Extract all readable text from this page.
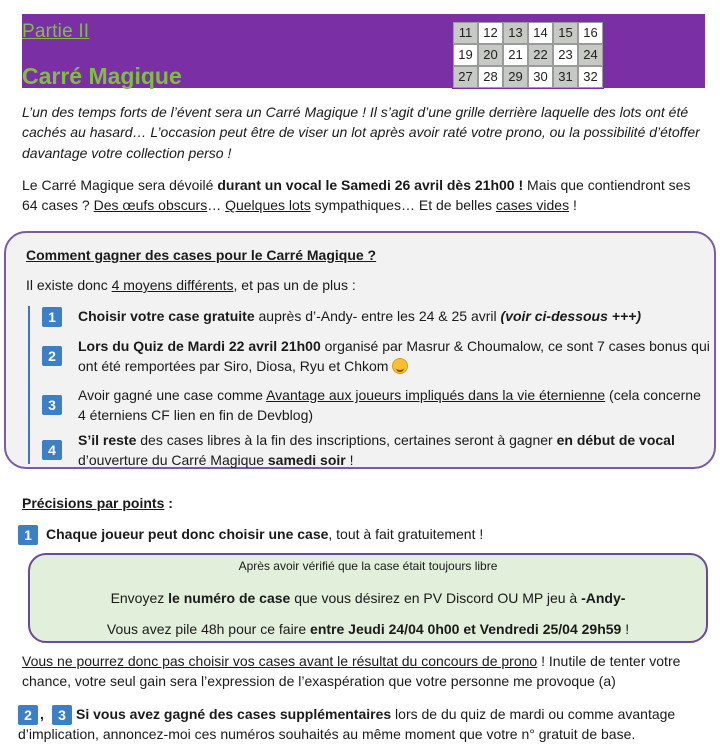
Partie II
Carré Magique
11 12 13 14 15 16
19 20 21 22 23 24
27 28 29 30 31 32
L’un des temps forts de l’évent sera un Carré Magique ! Il s’agit d’une grille derrière laquelle des lots ont été cachés au hasard… L’occasion peut être de viser un lot après avoir raté votre prono, ou la possibilité d’étoffer davantage votre collection perso !
Le Carré Magique sera dévoilé durant un vocal le Samedi 26 avril dès 21h00 ! Mais que contiendront ses 64 cases ? Des œufs obscurs… Quelques lots sympathiques… Et de belles cases vides !
Comment gagner des cases pour le Carré Magique ?
Il existe donc 4 moyens différents, et pas un de plus :
1	Choisir votre case gratuite auprès d’-Andy- entre les 24 & 25 avril (voir ci-dessous +++)
2
Lors du Quiz de Mardi 22 avril 21h00 organisé par Masrur & Choumalow, ce sont 7 cases bonus qui ont été remportées par Siro, Diosa, Ryu et Chkom
3
Avoir gagné une case comme Avantage aux joueurs impliqués dans la vie éternienne (cela concerne 4 éterniens CF lien en fin de Devblog)
4
S’il reste des cases libres à la fin des inscriptions, certaines seront à gagner en début de vocal d’ouverture du Carré Magique samedi soir !
Précisions par points :
1	Chaque joueur peut donc choisir une case, tout à fait gratuitement !
Après avoir vérifié que la case était toujours libre
Envoyez le numéro de case que vous désirez en PV Discord OU MP jeu à -Andy-
Vous avez pile 48h pour ce faire entre Jeudi 24/04 0h00 et Vendredi 25/04 29h59 !
Vous ne pourrez donc pas choisir vos cases avant le résultat du concours de prono ! Inutile de tenter votre chance, votre seul gain sera l’expression de l’exaspération que votre personne me provoque (a)
2 ,	3 Si vous avez gagné des cases supplémentaires lors de du quiz de mardi ou comme avantage d’implication, annoncez-moi ces numéros souhaités au même moment que votre n° gratuit de base.
